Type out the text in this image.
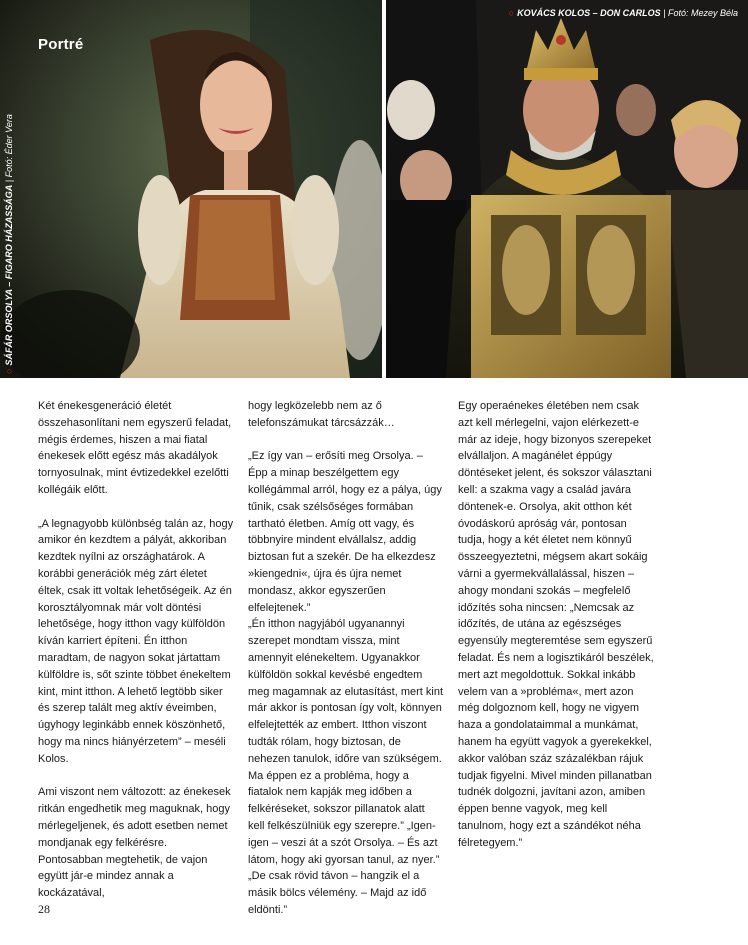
Portré
○SÁFÁR ORSOLYA – FIGARO HÁZASSÁGA | Fotó: Éder Vera
○ KOVÁCS KOLOS – DON CARLOS | Fotó: Mezey Béla

Két énekesgeneráció életét összehasonlítani nem egyszerű feladat, mégis érdemes, hiszen a mai fiatal énekesek előtt egész más akadályok tornyosulnak, mint évtizedekkel ezelőtti kollégáik előtt.

„A legnagyobb különbség talán az, hogy amikor én kezdtem a pályát, akkoriban kezdtek nyílni az országhatárok. A korábbi generációk még zárt életet éltek, csak itt voltak lehetőségeik. Az én korosztályomnak már volt döntési lehetősége, hogy itthon vagy külföldön kíván karriert építeni. Én itthon maradtam, de nagyon sokat jártattam külföldre is, sőt szinte többet énekeltem kint, mint itthon. A lehető legtöbb siker és szerep talált meg aktív éveimben, úgyhogy leginkább ennek köszönhető, hogy ma nincs hiányérzetem” – meséli Kolos.

Ami viszont nem változott: az énekesek ritkán engedhetik meg maguknak, hogy mérlegeljenek, és adott esetben nemet mondjanak egy felkérésre. Pontosabban megtehetik, de vajon együtt jár-e mindez annak a kockázatával,

hogy legközelebb nem az ő telefonszámukat tárcsázzák…

„Ez így van – erősíti meg Orsolya. – Épp a minap beszélgettem egy kollégámmal arról, hogy ez a pálya, úgy tűnik, csak szélsőséges formában tartható életben. Amíg ott vagy, és többnyire mindent elvállalsz, addig biztosan fut a szekér. De ha elkezdesz »kiengedni«, újra és újra nemet mondasz, akkor egyszerűen elfelejtenek.”

„Én itthon nagyjából ugyanannyi szerepet mondtam vissza, mint amennyit elénekeltem. Ugyanakkor külföldön sokkal kevésbé engedtem meg magamnak az elutasítást, mert kint már akkor is pontosan így volt, könnyen elfelejtették az embert. Itthon viszont tudták rólam, hogy biztosan, de nehezen tanulok, időre van szükségem. Ma éppen ez a probléma, hogy a fiatalok nem kapják meg időben a felkéréseket, sokszor pillanatok alatt kell felkészülniük egy szerepre.” „Igen-igen – veszi át a szót Orsolya. – És azt látom, hogy aki gyorsan tanul, az nyer.” „De csak rövid távon – hangzik el a másik bölcs vélemény. – Majd az idő eldönti.”

Egy operaénekes életében nem csak azt kell mérlegelni, vajon elérkezett-e már az ideje, hogy bizonyos szerepeket elvállaljon. A magánélet éppúgy döntéseket jelent, és sokszor választani kell: a szakma vagy a család javára döntenek-e. Orsolya, akit otthon két óvodáskorú apróság vár, pontosan tudja, hogy a két életet nem könnyű összeegyeztetni, mégsem akart sokáig várni a gyermekvállalással, hiszen – ahogy mondani szokás – megfelelő időzítés soha nincsen: „Nemcsak az időzítés, de utána az egészséges egyensúly megteremtése sem egyszerű feladat. És nem a logisztikáról beszélek, mert azt megoldottuk. Sokkal inkább velem van a »probléma«, mert azon még dolgoznom kell, hogy ne vigyem haza a gondolataimmal a munkámat, hanem ha együtt vagyok a gyerekekkel, akkor valóban száz százalékban rájuk tudjak figyelni. Mivel minden pillanatban tudnék dolgozni, javítani azon, amiben éppen benne vagyok, meg kell tanulnom, hogy ezt a szándékot néha félretegyem.”

28
